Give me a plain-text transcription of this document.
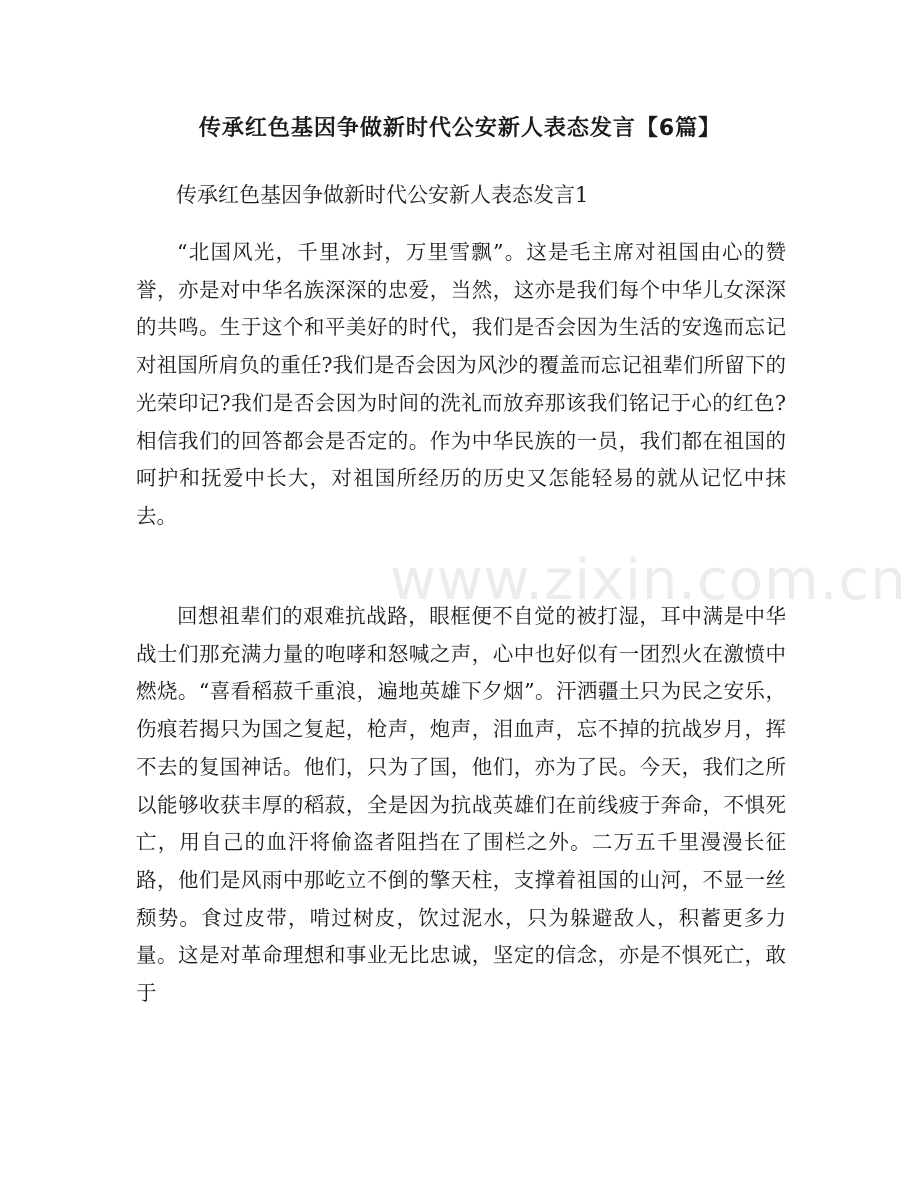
传承红色基因争做新时代公安新人表态发言【6篇】

传承红色基因争做新时代公安新人表态发言1

“北国风光，千里冰封，万里雪飘”。这是毛主席对祖国由心的赞誉，亦是对中华名族深深的忠爱，当然，这亦是我们每个中华儿女深深的共鸣。生于这个和平美好的时代，我们是否会因为生活的安逸而忘记对祖国所肩负的重任?我们是否会因为风沙的覆盖而忘记祖辈们所留下的光荣印记?我们是否会因为时间的洗礼而放弃那该我们铭记于心的红色?相信我们的回答都会是否定的。作为中华民族的一员，我们都在祖国的呵护和抚爱中长大，对祖国所经历的历史又怎能轻易的就从记忆中抹去。

回想祖辈们的艰难抗战路，眼框便不自觉的被打湿，耳中满是中华战士们那充满力量的咆哮和怒喊之声，心中也好似有一团烈火在激愤中燃烧。“喜看稻菽千重浪，遍地英雄下夕烟”。汗洒疆土只为民之安乐，伤痕若揭只为国之复起，枪声，炮声，泪血声，忘不掉的抗战岁月，挥不去的复国神话。他们，只为了国，他们，亦为了民。今天，我们之所以能够收获丰厚的稻菽，全是因为抗战英雄们在前线疲于奔命，不惧死亡，用自己的血汗将偷盗者阻挡在了围栏之外。二万五千里漫漫长征路，他们是风雨中那屹立不倒的擎天柱，支撑着祖国的山河，不显一丝颓势。食过皮带，啃过树皮，饮过泥水，只为躲避敌人，积蓄更多力量。这是对革命理想和事业无比忠诚，坚定的信念，亦是不惧死亡，敢于

www.zixin.com.cn
